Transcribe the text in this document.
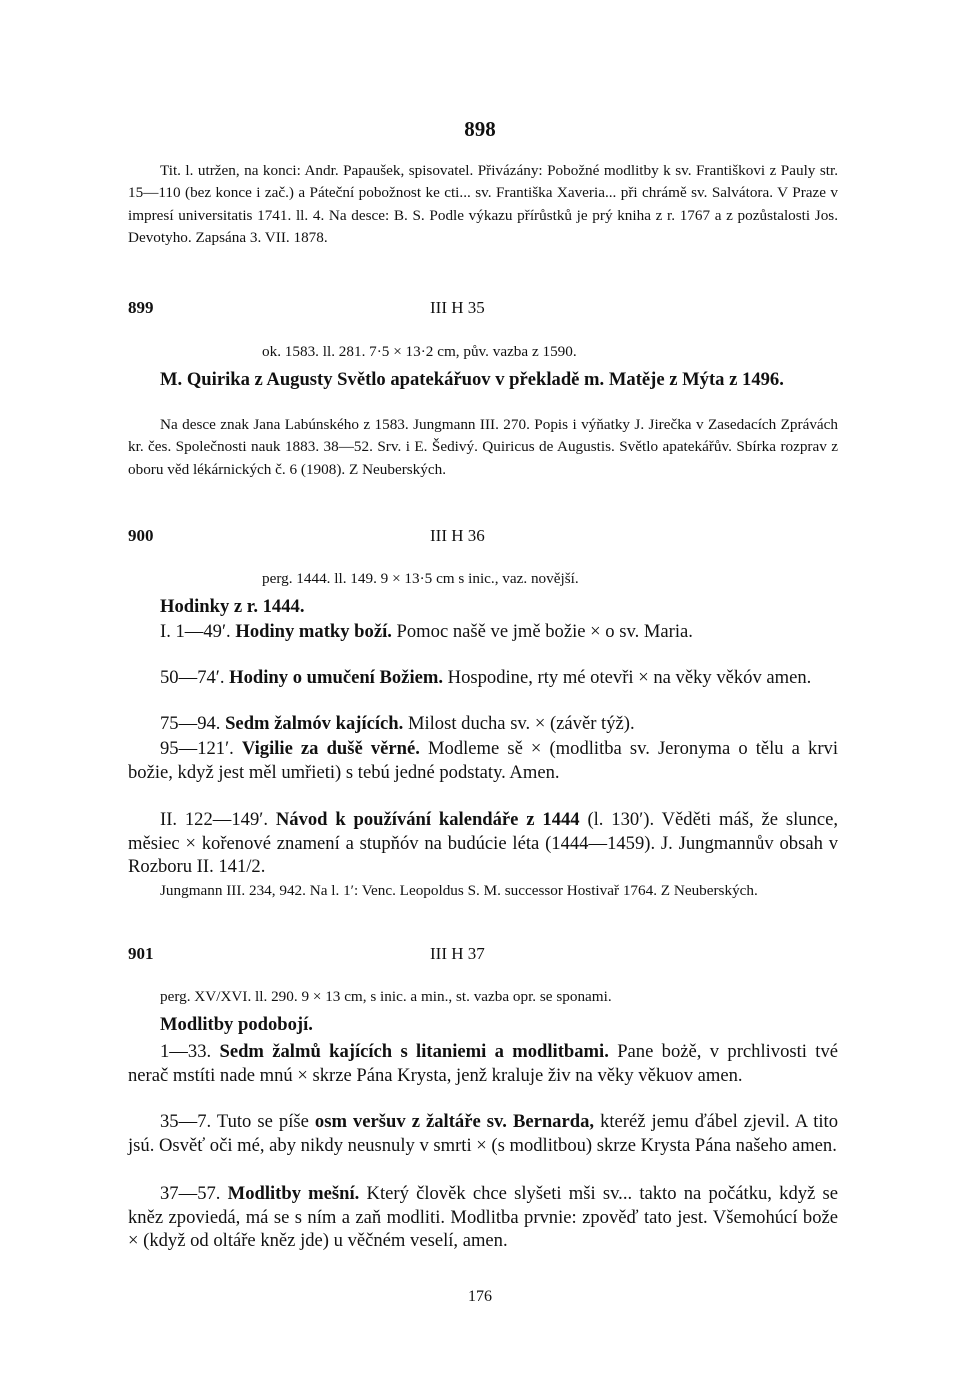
898

Tit. l. utržen, na konci: Andr. Papaušek, spisovatel. Přivázány: Pobožné modlitby k sv. Františkovi z Pauly str. 15—110 (bez konce i zač.) a Páteční pobožnost ke cti... sv. Františka Xaveria... při chrámě sv. Salvátora. V Praze v impresí universitatis 1741. ll. 4. Na desce: B. S. Podle výkazu přírůstků je prý kniha z r. 1767 a z pozůstalosti Jos. Devotyho. Zapsána 3. VII. 1878.

899	III H 35
ok. 1583. ll. 281. 7·5 × 13·2 cm, pův. vazba z 1590.

M. Quirika z Augusty Světlo apatekářuov v překladě m. Matěje z Mýta z 1496.

Na desce znak Jana Labúnského z 1583. Jungmann III. 270. Popis i výňatky J. Jirečka v Zasedacích Zprávách kr. čes. Společnosti nauk 1883. 38—52. Srv. i E. Šedivý. Quiricus de Augustis. Světlo apatekářův. Sbírka rozprav z oboru věd lékárnických č. 6 (1908). Z Neuberských.

900	III H 36
perg. 1444. ll. 149. 9 × 13·5 cm s inic., vaz. novější.

Hodinky z r. 1444.

I. 1—49′. Hodiny matky boží. Pomoc našě ve jmě božie × o sv. Maria.

50—74′. Hodiny o umučení Božiem. Hospodine, rty mé otevři × na věky věkóv amen.

75—94. Sedm žalmóv kajících. Milost ducha sv. × (závěr týž).

95—121′. Vigilie za dušě věrné. Modleme sě × (modlitba sv. Jeronyma o tělu a krvi božie, když jest měl umřieti) s tebú jedné podstaty. Amen.

II. 122—149′. Návod k používání kalendáře z 1444 (l. 130′). Věděti máš, že slunce, měsiec × kořenové znamení a stupňóv na budúcie léta (1444—1459). J. Jungmannův obsah v Rozboru II. 141/2.

Jungmann III. 234, 942. Na l. 1′: Venc. Leopoldus S. M. successor Hostivař 1764. Z Neuberských.

901	III H 37
perg. XV/XVI. ll. 290. 9 × 13 cm, s inic. a min., st. vazba opr. se sponami.

Modlitby podobojí.

1—33. Sedm žalmů kajících s litaniemi a modlitbami. Pane bożě, v prchlivosti tvé nerač mstíti nade mnú × skrze Pána Krysta, jenž kraluje živ na věky věkuov amen.

35—7. Tuto se píše osm veršuv z žaltáře sv. Bernarda, kteréž jemu ďábel zjevil. A tito jsú. Osvěť oči mé, aby nikdy neusnuly v smrti × (s modlitbou) skrze Krysta Pána našeho amen.

37—57. Modlitby mešní. Který člověk chce slyšeti mši sv... takto na počátku, když se kněz zpoviedá, má se s ním a zaň modliti. Modlitba prvnie: zpověď tato jest. Všemohúcí bože × (když od oltáře kněz jde) u věčném veselí, amen.

176
